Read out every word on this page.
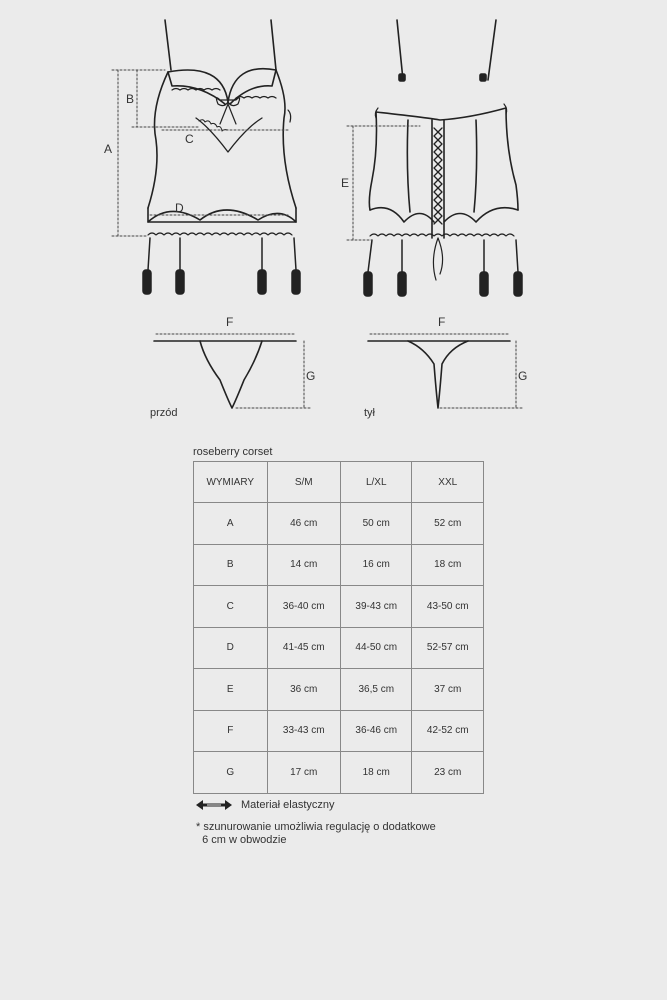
A
B
C
D
E
F
G
F
G
przód	tył
roseberry corset
WYMIARY	S/M	L/XL	XXL
A	46 cm	50 cm	52 cm
B	14 cm	16 cm	18 cm
C	36-40 cm	39-43 cm	43-50 cm
D	41-45 cm	44-50 cm	52-57 cm
E	36 cm	36,5 cm	37 cm
F	33-43 cm	36-46 cm	42-52 cm
G	17 cm	18 cm	23 cm
Materiał elastyczny
* szunurowanie umożliwia regulację o dodatkowe
6 cm w obwodzie
